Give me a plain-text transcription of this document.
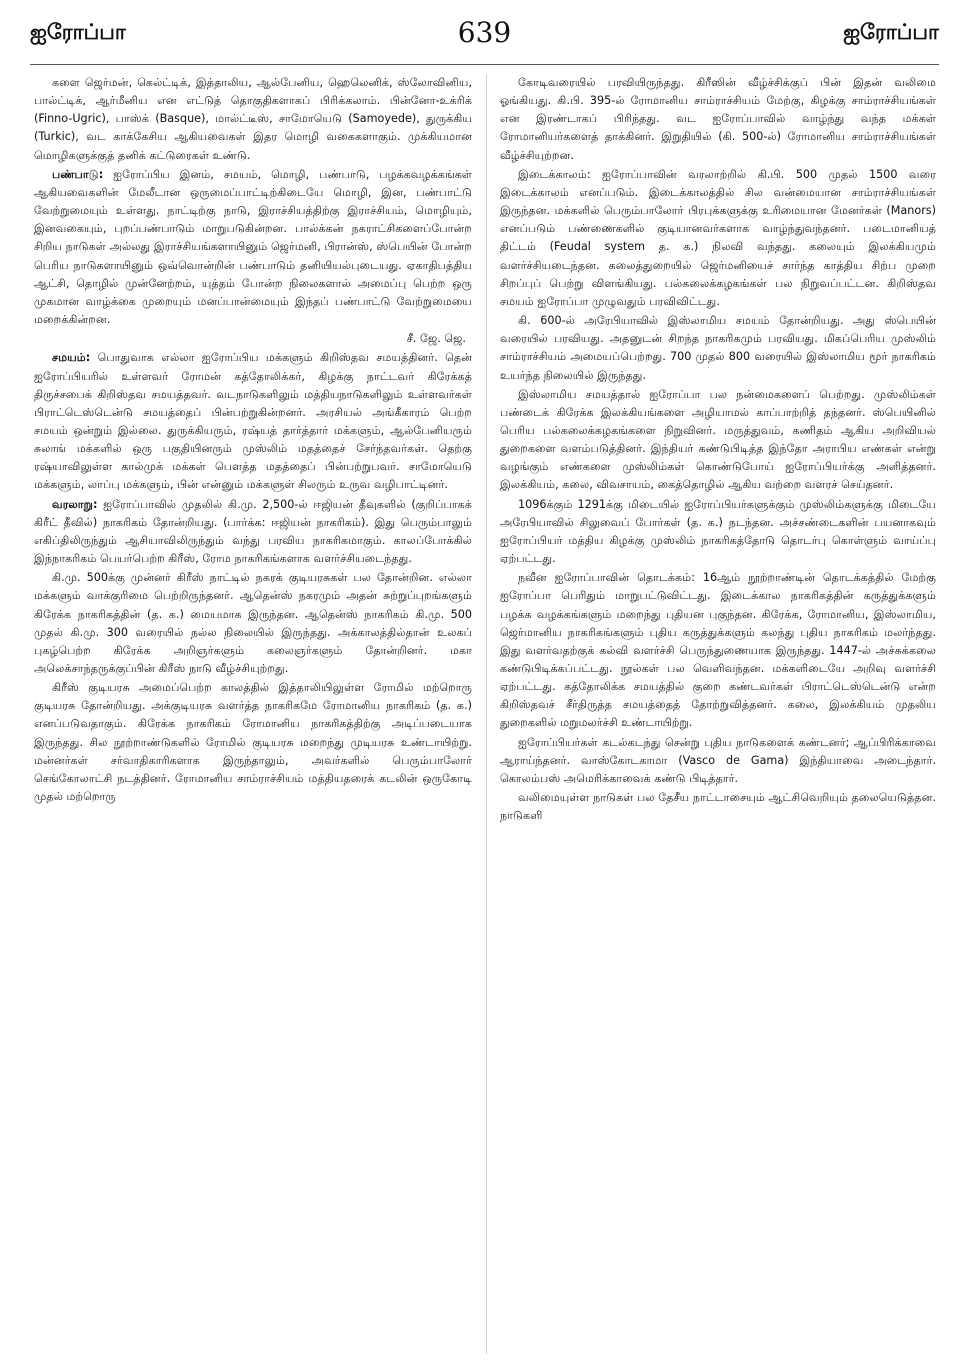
ஐரோப்பா	639	ஐரோப்பா

களை ஜெர்மன், கெல்ட்டிக், இத்தாலிய, ஆல்பேனிய, ஹெலெனிக், ஸ்லோவினிய, பால்ட்டிக், ஆர்மீனிய என எட்டுத் தொகுதிகளாகப் பிரிக்கலாம். பின்னோ-உக்ரிக் (Finno-Ugric), பாஸ்க் (Basque), மால்ட்டீஸ், சாமோயெடு (Samoyede), துருக்கிய (Turkic), வட காக்கேசிய ஆகியவைகள் இதர மொழி வகைகளாகும். முக்கியமான மொழிகளுக்குத் தனிக் கட்டுரைகள் உண்டு.

பண்பாடு: ஐரோப்பிய இனம், சமயம், மொழி, பண்பாடு, பழக்கவழக்கங்கள் ஆகியவைகளின் மேலீடான ஒருமைப்பாட்டிற்கிடையே மொழி, இன, பண்பாட்டு வேற்றுமையும் உள்ளது. நாட்டிற்கு நாடு, இராச்சியத்திற்கு இராச்சியம், மொழியும், இனவகையும், புறப்பண்பாடும் மாறுபடுகின்றன. பால்க்கன் நகராட்சிகளைப்போன்ற சிறிய நாடுகள் அல்லது இராச்சியங்களாயினும் ஜெர்மனி, பிரான்ஸ், ஸ்பெயின் போன்ற பெரிய நாடுகளாயினும் ஒவ்வொன்றின் பண்பாடும் தனியியல்புடையது. ஏகாதிபத்திய ஆட்சி, தொழில் முன்னேற்றம், யுத்தம் போன்ற நிலைகளால் அமைப்பு பெற்ற ஒரு முகமான வாழ்க்கை முறையும் மனப்பான்மையும் இந்தப் பண்பாட்டு வேற்றுமையை மறைக்கின்றன.

சீ. ஜே. ஜெ.

சமயம்: பொதுவாக எல்லா ஐரோப்பிய மக்களும் கிறிஸ்தவ சமயத்தினர். தென் ஐரோப்பியரில் உள்ளவர் ரோமன் கத்தோலிக்கர், கிழக்கு நாட்டவர் கிரேக்கத் திருச்சபைக் கிறிஸ்தவ சமயத்தவர். வடநாடுகளிலும் மத்தியநாடுகளிலும் உள்ளவர்கள் பிராட்டெஸ்டென்டு சமயத்தைப் பின்பற்றுகின்றனர். அரசியல் அங்கீகாரம் பெற்ற சமயம் ஒன்றும் இல்லை. துருக்கியரும், ரஷ்யத் தார்த்தார் மக்களும், ஆல்பேனியரும் சுலாங் மக்களில் ஒரு பகுதியினரும் முஸ்லிம் மதத்தைச் சேர்ந்தவர்கள். தெற்கு ரஷ்யாவிலுள்ள கால்முக் மக்கள் பௌத்த மதத்தைப் பின்பற்றுபவர். சாமோயெடு மக்களும், லாப்பு மக்களும், பின் என்னும் மக்களுள் சிலரும் உருவ வழிபாட்டினர்.

வரலாறு: ஐரோப்பாவில் முதலில் கி.மு. 2,500-ல் ஈஜியன் தீவுகளில் (குறிப்பாகக் கிரீட் தீவில்) நாகரிகம் தோன்றியது. (பார்க்க: ஈஜியன் நாகரிகம்). இது பெரும்பாலும் எகிப்திலிருந்தும் ஆசியாவிலிருந்தும் வந்து பரவிய நாகரிகமாகும். காலப்போக்கில் இந்நாகரிகம் பெயர்பெற்ற கிரீஸ், ரோம நாகரிகங்களாக வளர்ச்சியடைந்தது.

கி.மு. 500க்கு முன்னர் கிரீஸ் நாட்டில் நகரக் குடியரசுகள் பல தோன்றின. எல்லா மக்களும் வாக்குரிமை பெற்றிருந்தனர். ஆதென்ஸ் நகரமும் அதன் சுற்றுப்புறங்களும் கிரேக்க நாகரிகத்தின் (த. க.) மையமாக இருந்தன. ஆதென்ஸ் நாகரிகம் கி.மு. 500 முதல் கி.மு. 300 வரையில் நல்ல நிலையில் இருந்தது. அக்காலத்தில்தான் உலகப் புகழ்பெற்ற கிரேக்க அறிஞர்களும் கலைஞர்களும் தோன்றினர். மகா அலெக்சாந்தருக்குப்பின் கிரீஸ் நாடு வீழ்ச்சியுற்றது.

கிரீஸ் குடியரசு அமைப்பெற்ற காலத்தில் இத்தாலியிலுள்ள ரோமில் மற்றொரு குடியரசு தோன்றியது. அக்குடியரசு வளர்த்த நாகரிகமே ரோமானிய நாகரிகம் (த. க.) எனப்படுவதாகும். கிரேக்க நாகரிகம் ரோமானிய நாகரிகத்திற்கு அடிப்படையாக இருந்தது. சில நூற்றாண்டுகளில் ரோமில் குடியரசு மறைந்து முடியரசு உண்டாயிற்று. மன்னர்கள் சர்வாதிகாரிகளாக இருந்தாலும், அவர்களில் பெரும்பாலோர் செங்கோலாட்சி நடத்தினர். ரோமானிய சாம்ராச்சியம் மத்தியதரைக் கடலின் ஒருகோடி முதல் மற்றொரு

கோடிவரையில் பரவியிருந்தது. கிரீஸின் வீழ்ச்சிக்குப் பின் இதன் வலிமை ஓங்கியது. கி.பி. 395-ல் ரோமானிய சாம்ராச்சியம் மேற்கு, கிழக்கு சாம்ராச்சியங்கள் என இரண்டாகப் பிரிந்தது. வட ஐரோப்பாவில் வாழ்ந்து வந்த மக்கள் ரோமானியர்களைத் தாக்கினர். இறுதியில் (கி. 500-ல்) ரோமானிய சாம்ராச்சியங்கள் வீழ்ச்சியுற்றன.

இடைக்காலம்: ஐரோப்பாவின் வரலாற்றில் கி.பி. 500 முதல் 1500 வரை இடைக்காலம் எனப்படும். இடைக்காலத்தில் சில வன்மையான சாம்ராச்சியங்கள் இருந்தன. மக்களில் பெரும்பாலோர் பிரபுக்களுக்கு உரிமையான மேனர்கள் (Manors) எனப்படும் பண்ணைகளில் குடியானவர்களாக வாழ்ந்துவந்தனர். படைமானியத் திட்டம் (Feudal system த. க.) நிலவி வந்தது. கலையும் இலக்கியமும் வளர்ச்சியடைந்தன. கலைத்துறையில் ஜெர்மனியைச் சார்ந்த காத்திய சிற்ப முறை சிறப்புப் பெற்று விளங்கியது. பல்கலைக்கழகங்கள் பல நிறுவப்பட்டன. கிறிஸ்தவ சமயம் ஐரோப்பா முழுவதும் பரவிவிட்டது.

கி. 600-ல் அரேபியாவில் இஸ்லாமிய சமயம் தோன்றியது. அது ஸ்பெயின் வரையில் பரவியது. அதனுடன் சிறந்த நாகரிகமும் பரவியது. மிகப்பெரிய முஸ்லிம் சாம்ராச்சியம் அமையப்பெற்றது. 700 முதல் 800 வரையில் இஸ்லாமிய மூர் நாகரிகம் உயர்ந்த நிலையில் இருந்தது.

இஸ்லாமிய சமயத்தால் ஐரோப்பா பல நன்மைகளைப் பெற்றது. முஸ்லிம்கள் பண்டைக் கிரேக்க இலக்கியங்களை அழியாமல் காப்பாற்றித் தந்தனர். ஸ்பெயினில் பெரிய பல்கலைக்கழகங்களை நிறுவினர். மருத்துவம், கணிதம் ஆகிய அறிவியல் துறைகளை வளம்படுத்தினர். இந்தியர் கண்டுபிடித்த இந்தோ அராபிய எண்கள் என்று வழங்கும் எண்களை முஸ்லிம்கள் கொண்டுபோய் ஐரோப்பியர்க்கு அளித்தனர். இலக்கியம், கலை, விவசாயம், கைத்தொழில் ஆகிய வற்றை வளரச் செய்தனர்.

1096க்கும் 1291க்கு மிடையில் ஐரோப்பியர்களுக்கும் முஸ்லிம்களுக்கு மிடையே அரேபியாவில் சிலுவைப் போர்கள் (த. க.) நடந்தன. அச்சண்டைகளின் பயனாகவும் ஐரோப்பியர் மத்திய கிழக்கு முஸ்லிம் நாகரிகத்தோடு தொடர்பு கொள்ளும் வாய்ப்பு ஏற்பட்டது.

நவீன ஐரோப்பாவின் தொடக்கம்: 16ஆம் நூற்றாண்டின் தொடக்கத்தில் மேற்கு ஐரோப்பா பெரிதும் மாறுபட்டுவிட்டது. இடைக்கால நாகரிகத்தின் கருத்துக்களும் பழக்க வழக்கங்களும் மறைந்து புதியன புகுந்தன. கிரேக்க, ரோமானிய, இஸ்லாமிய, ஜெர்மானிய நாகரிகங்களும் புதிய கருத்துக்களும் கலந்து புதிய நாகரிகம் மலர்ந்தது. இது வளர்வதற்குக் கல்வி வளர்ச்சி பெருந்துணையாக இருந்தது. 1447-ல் அச்சுக்கலை கண்டுபிடிக்கப்பட்டது. நூல்கள் பல வெளிவந்தன. மக்களிடையே அறிவு வளர்ச்சி ஏற்பட்டது. கத்தோலிக்க சமயத்தில் குறை கண்டவர்கள் பிராட்டெஸ்டென்டு என்ற கிறிஸ்தவச் சீர்திருத்த சமயத்தைத் தோற்றுவித்தனர். கலை, இலக்கியம் முதலிய துறைகளில் மறுமலர்ச்சி உண்டாயிற்று.

ஐரோப்பியர்கள் கடல்கடந்து சென்று புதிய நாடுகளைக் கண்டனர்; ஆப்பிரிக்காவை ஆராய்ந்தனர். வாஸ்கோடகாமா (Vasco de Gama) இந்தியாவை அடைந்தார். கொலம்பஸ் அமெரிக்காவைக் கண்டு பிடித்தார்.

வலிமையுள்ள நாடுகள் பல தேசீய நாட்டாசையும் ஆட்சிவெறியும் தலையெடுத்தன. நாடுகளி
